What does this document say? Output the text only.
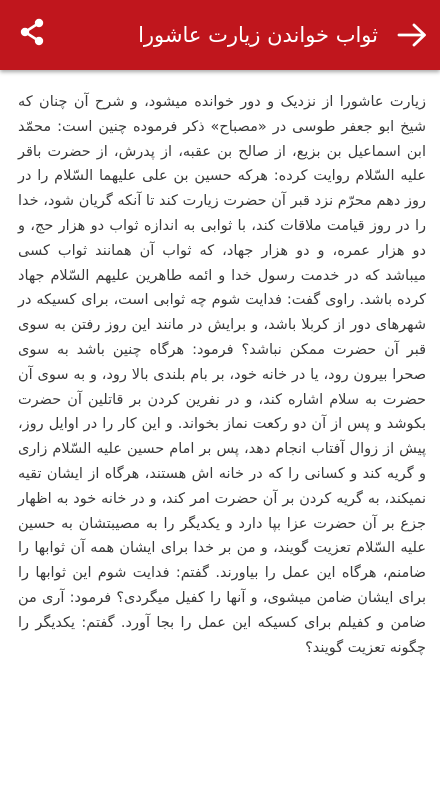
ثواب خواندن زیارت عاشورا

زیارت عاشورا از نزدیک و دور خوانده میشود، و شرح آن چنان که شیخ ابو جعفر طوسی در «مصباح» ذکر فرموده چنین است: محمّد ابن اسماعیل بن بزیع، از صالح بن عقبه، از پدرش، از حضرت باقر علیه السّلام روایت کرده: هرکه حسین بن علی علیهما السّلام را در روز دهم محرّم نزد قبر آن حضرت زیارت کند تا آنکه گریان شود، خدا را در روز قیامت ملاقات کند، با ثوابی به اندازه ثواب دو هزار حج، و دو هزار عمره، و دو هزار جهاد، که ثواب آن همانند ثواب کسی میباشد که در خدمت رسول خدا و ائمه طاهرین علیهم السّلام جهاد کرده باشد. راوی گفت: فدایت شوم چه ثوابی است، برای کسیکه در شهرهای دور از کربلا باشد، و برایش در مانند این روز رفتن به سوی قبر آن حضرت ممکن نباشد؟ فرمود: هرگاه چنین باشد به سوی صحرا بیرون رود، یا در خانه خود، بر بام بلندی بالا رود، و به سوی آن حضرت به سلام اشاره کند، و در نفرین کردن بر قاتلین آن حضرت بکوشد و پس از آن دو رکعت نماز بخواند. و این کار را در اوایل روز، پیش از زوال آفتاب انجام دهد، پس بر امام حسین علیه السّلام زاری و گریه کند و کسانی را که در خانه اش هستند، هرگاه از ایشان تقیه نمیکند، به گریه کردن بر آن حضرت امر کند، و در خانه خود به اظهار جزع بر آن حضرت عزا بپا دارد و یکدیگر را به مصیبتشان به حسین علیه السّلام تعزیت گویند، و من بر خدا برای ایشان همه آن ثوابها را ضامنم، هرگاه این عمل را بیاورند. گفتم: فدایت شوم این ثوابها را برای ایشان ضامن میشوی، و آنها را کفیل میگردی؟ فرمود: آری من ضامن و کفیلم برای کسیکه این عمل را بجا آورد. گفتم: یکدیگر را چگونه تعزیت گویند؟
